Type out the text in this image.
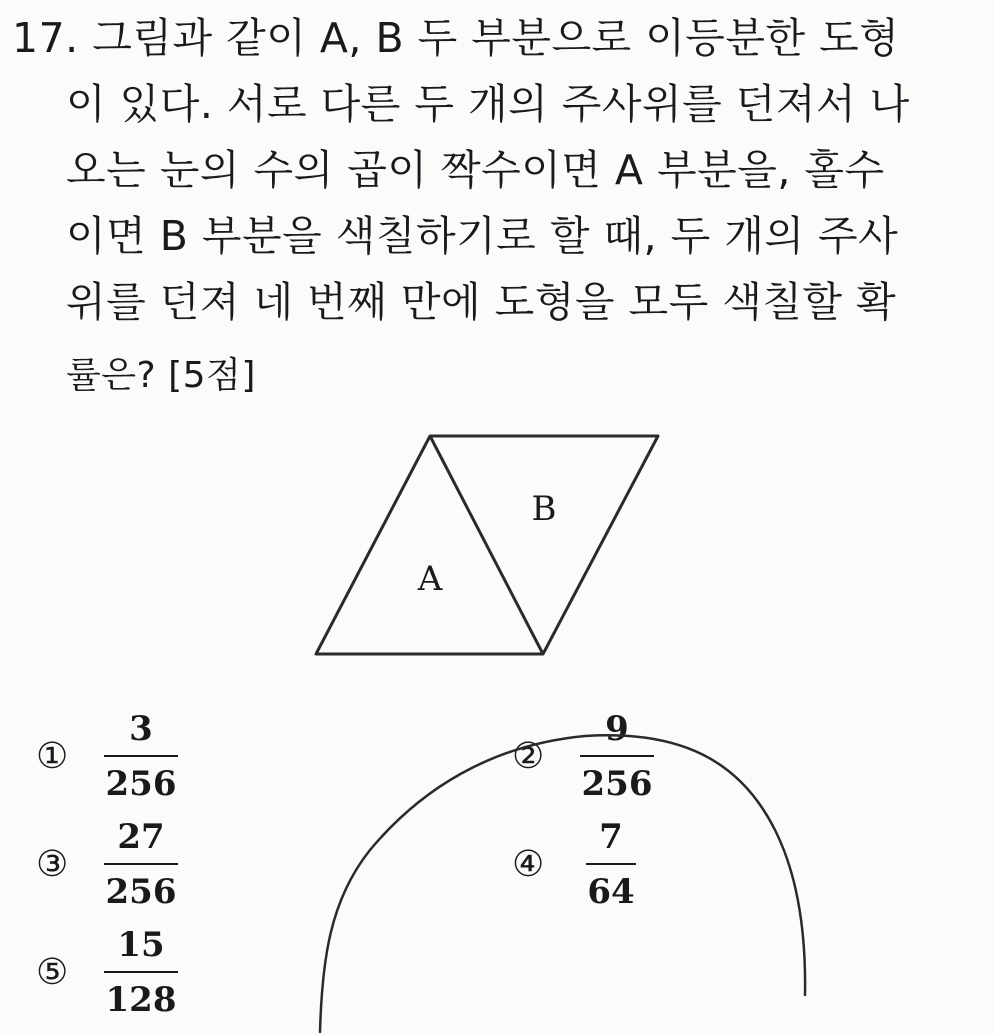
17. 그림과 같이 A, B 두 부분으로 이등분한 도형
이 있다. 서로 다른 두 개의 주사위를 던져서 나
오는 눈의 수의 곱이 짝수이면 A 부분을, 홀수
이면 B 부분을 색칠하기로 할 때, 두 개의 주사
위를 던져 네 번째 만에 도형을 모두 색칠할 확
률은? [5점]
B
A
①	$\frac{3}{256}$	②	$\frac{9}{256}$
③	$\frac{27}{256}$	④	$\frac{7}{64}$
⑤	$\frac{15}{128}$
